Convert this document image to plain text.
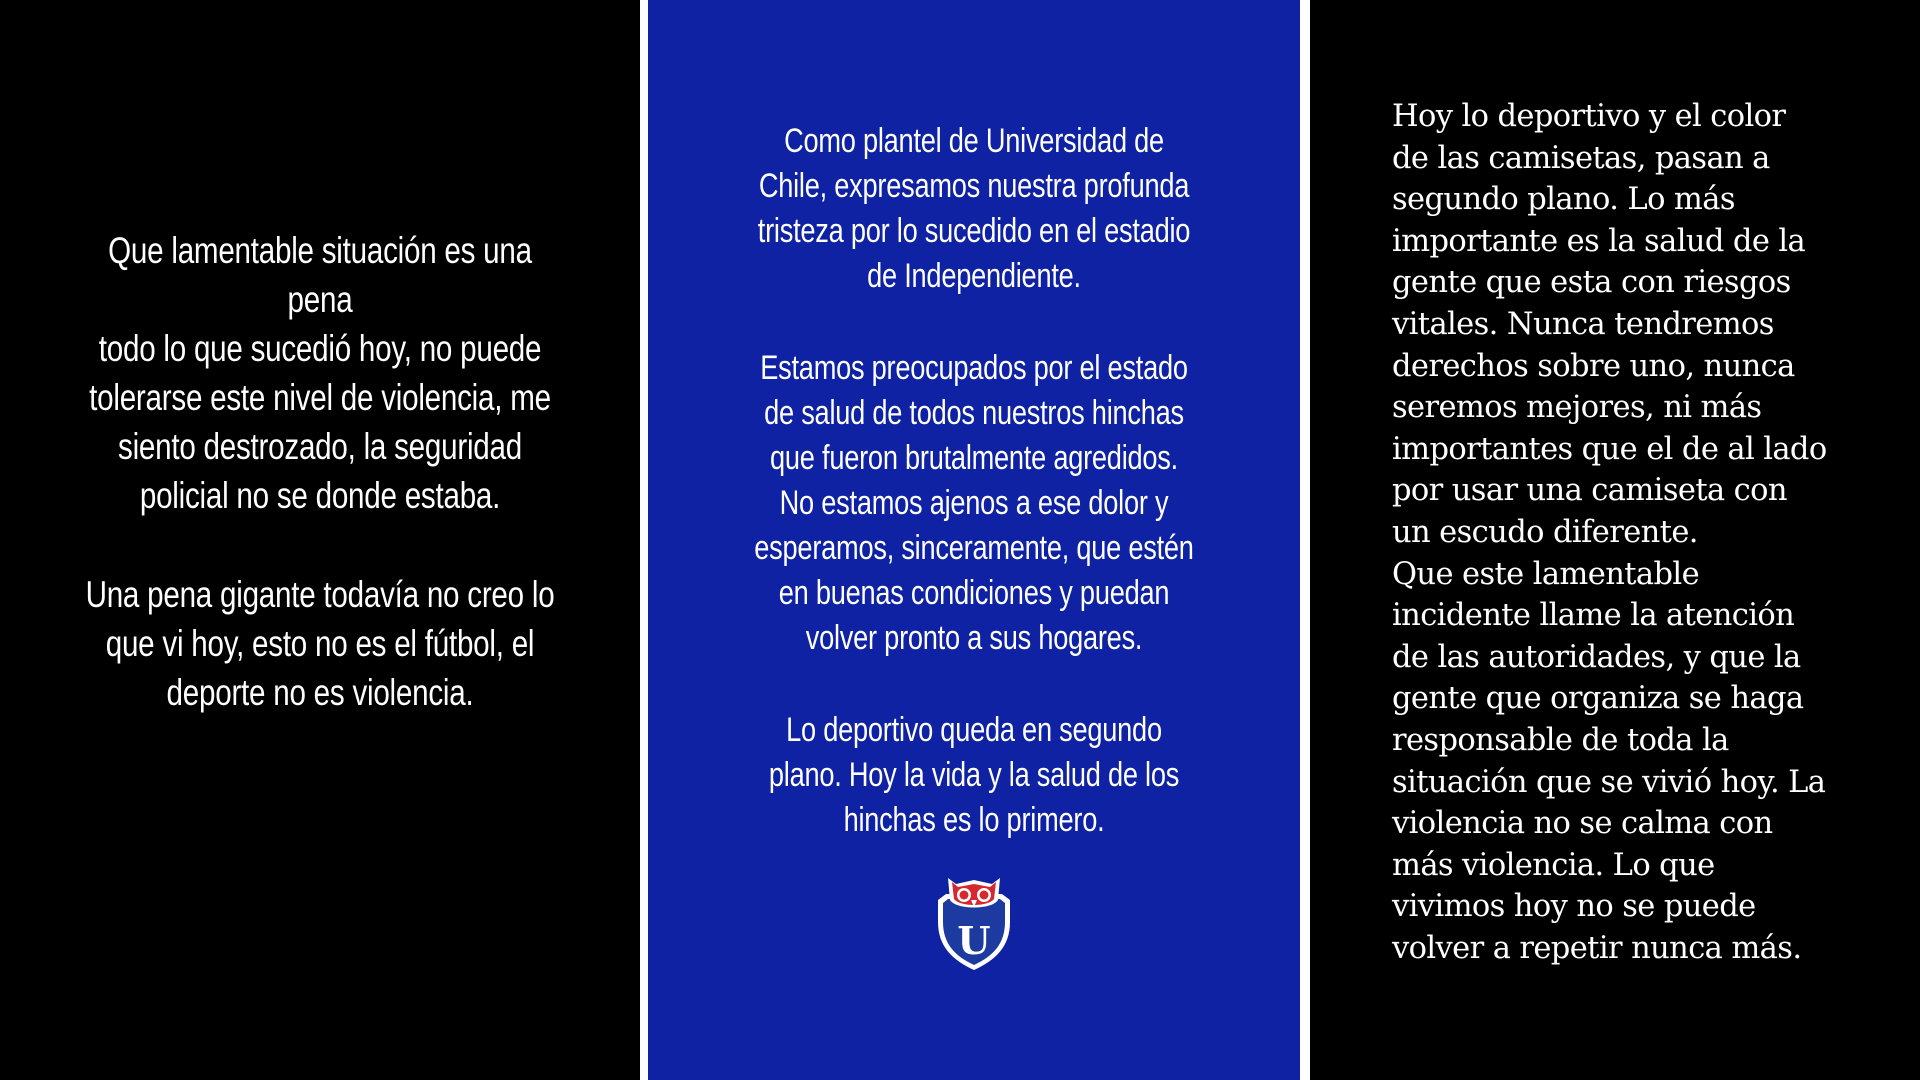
Que lamentable situación es una pena
todo lo que sucedió hoy, no puede
tolerarse este nivel de violencia, me
siento destrozado, la seguridad
policial no se donde estaba.

Una pena gigante todavía no creo lo
que vi hoy, esto no es el fútbol, el
deporte no es violencia.

Como plantel de Universidad de
Chile, expresamos nuestra profunda
tristeza por lo sucedido en el estadio
de Independiente.

Estamos preocupados por el estado
de salud de todos nuestros hinchas
que fueron brutalmente agredidos.
No estamos ajenos a ese dolor y
esperamos, sinceramente, que estén
en buenas condiciones y puedan
volver pronto a sus hogares.

Lo deportivo queda en segundo
plano. Hoy la vida y la salud de los
hinchas es lo primero.

U

Hoy lo deportivo y el color
de las camisetas, pasan a
segundo plano. Lo más
importante es la salud de la
gente que esta con riesgos
vitales. Nunca tendremos
derechos sobre uno, nunca
seremos mejores, ni más
importantes que el de al lado
por usar una camiseta con
un escudo diferente.

Que este lamentable
incidente llame la atención
de las autoridades, y que la
gente que organiza se haga
responsable de toda la
situación que se vivió hoy. La
violencia no se calma con
más violencia. Lo que
vivimos hoy no se puede
volver a repetir nunca más.
